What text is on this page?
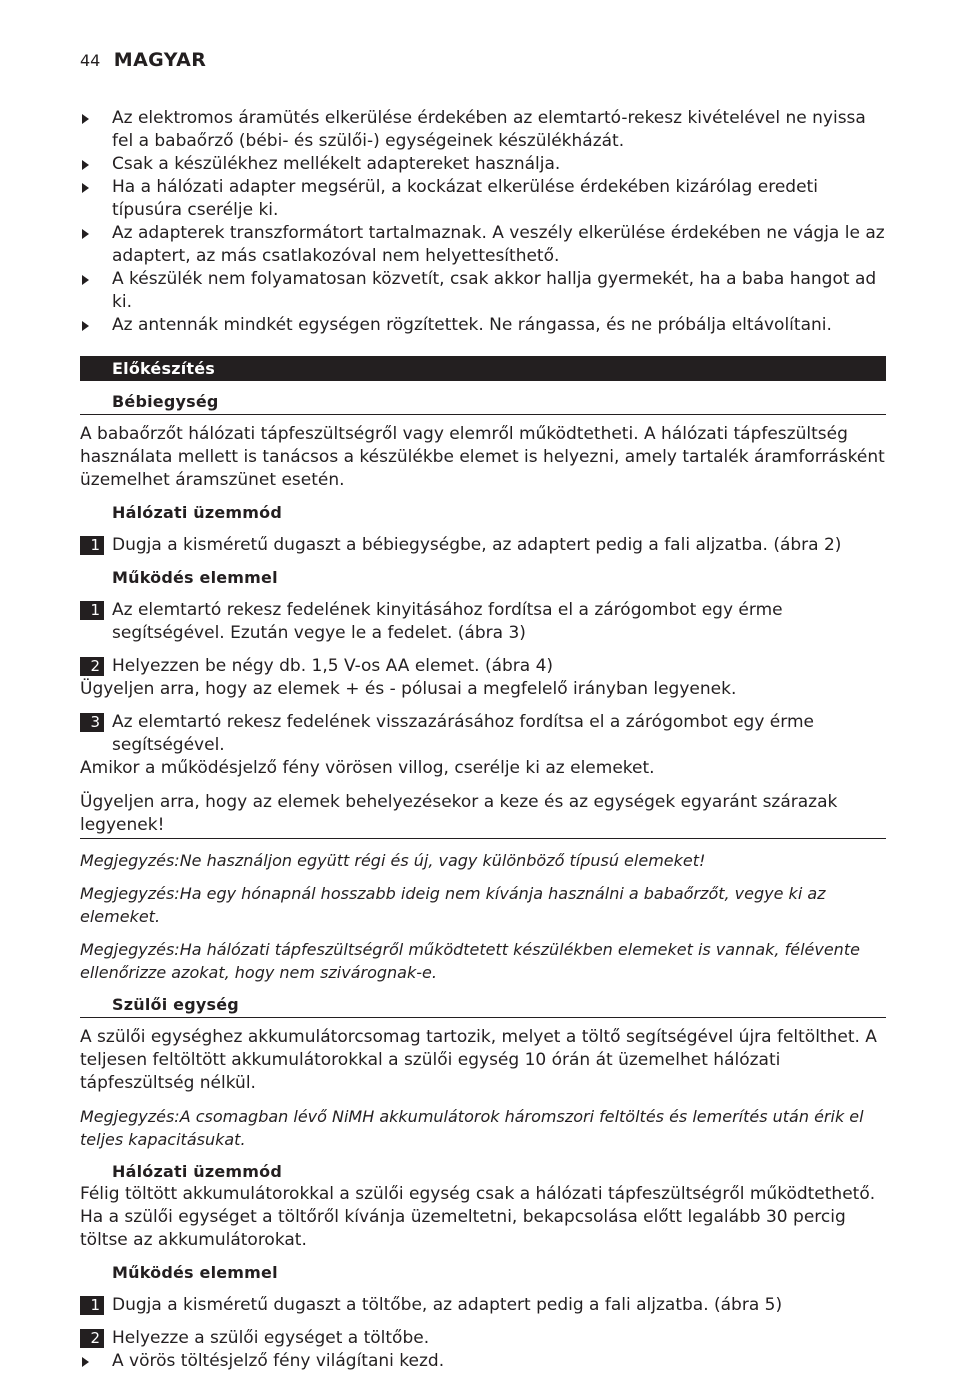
44 MAGYAR
Az elektromos áramütés elkerülése érdekében az elemtartó-rekesz kivételével ne nyissa fel a babaőrző (bébi- és szülői-) egységeinek készülékházát.
Csak a készülékhez mellékelt adaptereket használja.
Ha a hálózati adapter megsérül, a kockázat elkerülése érdekében kizárólag eredeti típusúra cserélje ki.
Az adapterek transzformátort tartalmaznak. A veszély elkerülése érdekében ne vágja le az adaptert, az más csatlakozóval nem helyettesíthető.
A készülék nem folyamatosan közvetít, csak akkor hallja gyermekét, ha a baba hangot ad ki.
Az antennák mindkét egységen rögzítettek. Ne rángassa, és ne próbálja eltávolítani.
Előkészítés
Bébiegység

A babaőrzőt hálózati tápfeszültségről vagy elemről működtetheti. A hálózati tápfeszültség használata mellett is tanácsos a készülékbe elemet is helyezni, amely tartalék áramforrásként üzemelhet áramszünet esetén.

Hálózati üzemmód
1 Dugja a kisméretű dugaszt a bébiegységbe, az adaptert pedig a fali aljzatba. (ábra 2)
Működés elemmel
1 Az elemtartó rekesz fedelének kinyitásához fordítsa el a zárógombot egy érme segítségével. Ezután vegye le a fedelet. (ábra 3)
2 Helyezzen be négy db. 1,5 V-os AA elemet. (ábra 4)

Ügyeljen arra, hogy az elemek + és - pólusai a megfelelő irányban legyenek.

3 Az elemtartó rekesz fedelének visszazárásához fordítsa el a zárógombot egy érme segítségével.

Amikor a működésjelző fény vörösen villog, cserélje ki az elemeket.

Ügyeljen arra, hogy az elemek behelyezésekor a keze és az egységek egyaránt szárazak legyenek!
Megjegyzés:Ne használjon együtt régi és új, vagy különböző típusú elemeket!
Megjegyzés:Ha egy hónapnál hosszabb ideig nem kívánja használni a babaőrzőt, vegye ki az elemeket.
Megjegyzés:Ha hálózati tápfeszültségről működtetett készülékben elemeket is vannak, félévente ellenőrizze azokat, hogy nem szivárognak-e.
Szülői egység

A szülői egységhez akkumulátorcsomag tartozik, melyet a töltő segítségével újra feltölthet. A teljesen feltöltött akkumulátorokkal a szülői egység 10 órán át üzemelhet hálózati tápfeszültség nélkül.

Megjegyzés:A csomagban lévő NiMH akkumulátorok háromszori feltöltés és lemerítés után érik el teljes kapacitásukat.
Hálózati üzemmód

Félig töltött akkumulátorokkal a szülői egység csak a hálózati tápfeszültségről működtethető. Ha a szülői egységet a töltőről kívánja üzemeltetni, bekapcsolása előtt legalább 30 percig töltse az akkumulátorokat.

Működés elemmel
1 Dugja a kisméretű dugaszt a töltőbe, az adaptert pedig a fali aljzatba. (ábra 5)
2 Helyezze a szülői egységet a töltőbe.
A vörös töltésjelző fény világítani kezd.
